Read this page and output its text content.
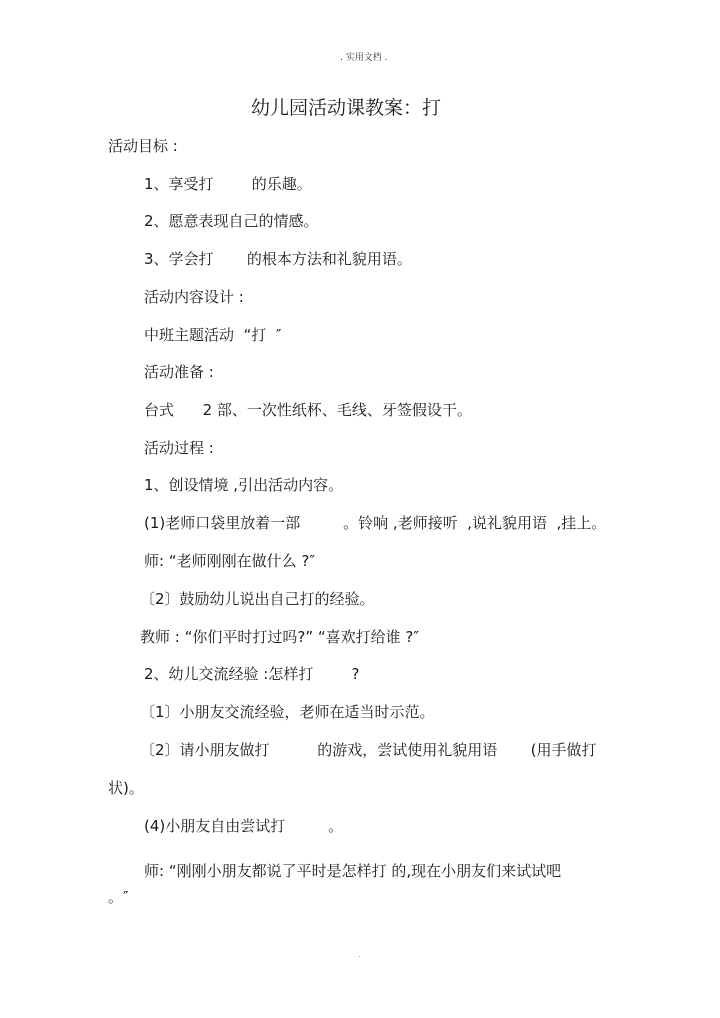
. 实用文档 .
幼儿园活动课教案：打
活动目标 :
1、享受打        的乐趣。
2、愿意表现自己的情感。
3、学会打       的根本方法和礼貌用语。
活动内容设计 :
中班主题活动  “打  ″
活动准备 :
台式      2 部、一次性纸杯、毛线、牙签假设干。
活动过程 :
1、创设情境 ,引出活动内容。
(1)老师口袋里放着一部         。铃响 ,老师接听  ,说礼貌用语  ,挂上。
师: “老师刚刚在做什么 ?″
〔2〕鼓励幼儿说出自己打的经验。
教师 : “你们平时打过吗?” “喜欢打给谁 ?″
2、幼儿交流经验 :怎样打        ?
〔1〕小朋友交流经验，老师在适当时示范。
〔2〕请小朋友做打          的游戏，尝试使用礼貌用语       (用手做打
状)。
(4)小朋友自由尝试打         。
师: “刚刚小朋友都说了平时是怎样打 的,现在小朋友们来试试吧
。″
.
